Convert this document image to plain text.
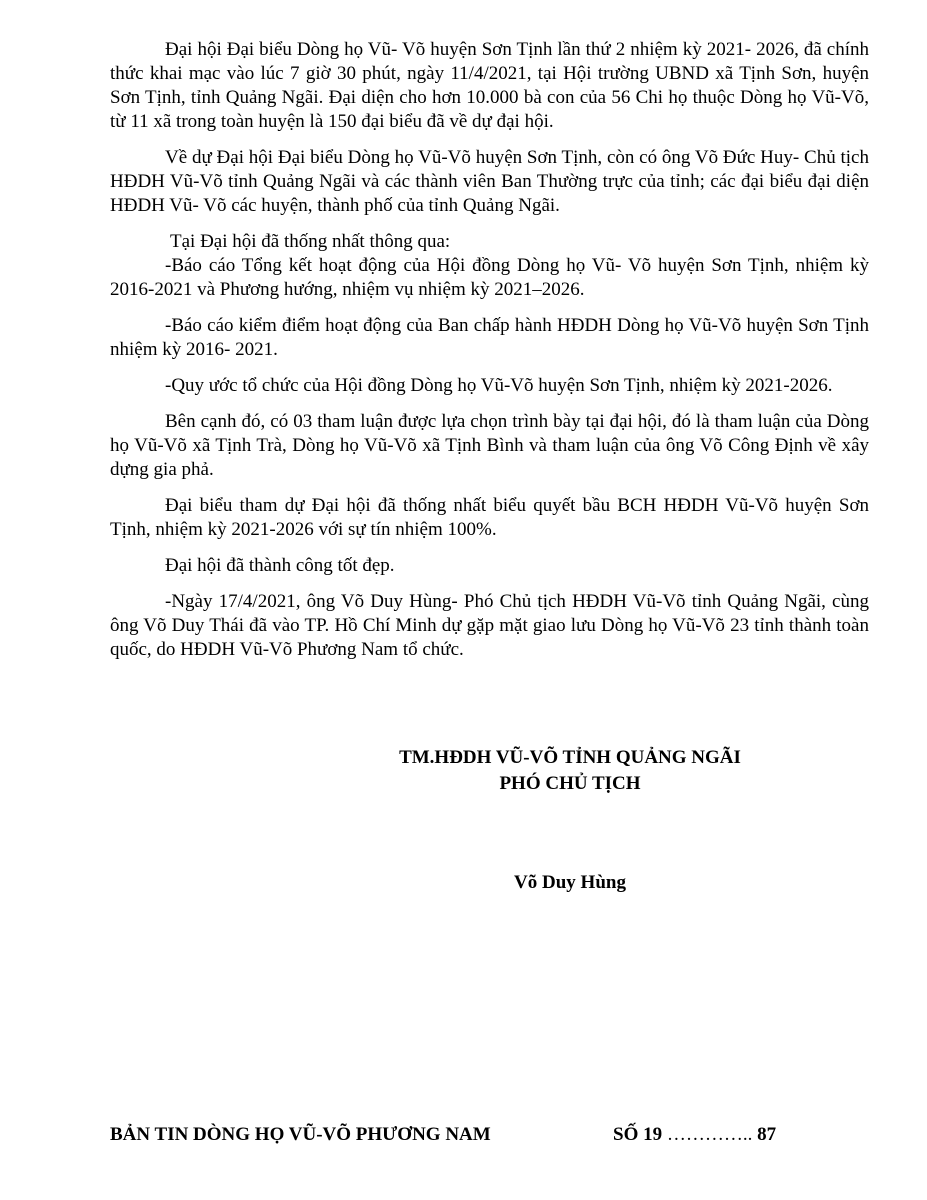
Đại hội Đại biểu Dòng họ Vũ- Võ huyện Sơn Tịnh lần thứ 2 nhiệm kỳ 2021- 2026, đã chính thức khai mạc vào lúc 7 giờ 30 phút, ngày 11/4/2021, tại Hội trường UBND xã Tịnh Sơn, huyện Sơn Tịnh, tỉnh Quảng Ngãi. Đại diện cho hơn 10.000 bà con của 56 Chi họ thuộc Dòng họ Vũ-Võ, từ 11 xã trong toàn huyện là 150 đại biểu đã về dự đại hội.

Về dự Đại hội Đại biểu Dòng họ Vũ-Võ huyện Sơn Tịnh, còn có ông Võ Đức Huy- Chủ tịch HĐDH Vũ-Võ tỉnh Quảng Ngãi và các thành viên Ban Thường trực của tỉnh; các đại biểu đại diện HĐDH Vũ- Võ các huyện, thành phố của tỉnh Quảng Ngãi.

Tại Đại hội đã thống nhất thông qua:

-Báo cáo Tổng kết hoạt động của Hội đồng Dòng họ Vũ- Võ huyện Sơn Tịnh, nhiệm kỳ 2016-2021 và Phương hướng, nhiệm vụ nhiệm kỳ 2021–2026.

-Báo cáo kiểm điểm hoạt động của Ban chấp hành HĐDH Dòng họ Vũ-Võ huyện Sơn Tịnh nhiệm kỳ 2016- 2021.

-Quy ước tổ chức của Hội đồng Dòng họ Vũ-Võ huyện Sơn Tịnh, nhiệm kỳ 2021-2026.

Bên cạnh đó, có 03 tham luận được lựa chọn trình bày tại đại hội, đó là tham luận của Dòng họ Vũ-Võ xã Tịnh Trà, Dòng họ Vũ-Võ xã Tịnh Bình và tham luận của ông Võ Công Định về xây dựng gia phả.

Đại biểu tham dự Đại hội đã thống nhất biểu quyết bầu BCH HĐDH Vũ-Võ huyện Sơn Tịnh, nhiệm kỳ 2021-2026 với sự tín nhiệm 100%.

Đại hội đã thành công tốt đẹp.

-Ngày 17/4/2021, ông Võ Duy Hùng- Phó Chủ tịch HĐDH Vũ-Võ tỉnh Quảng Ngãi, cùng ông Võ Duy Thái đã vào TP. Hồ Chí Minh dự gặp mặt giao lưu Dòng họ Vũ-Võ 23 tỉnh thành toàn quốc, do HĐDH Vũ-Võ Phương Nam tổ chức.

TM.HĐDH VŨ-VÕ TỈNH QUẢNG NGÃI
PHÓ CHỦ TỊCH
Võ Duy Hùng
BẢN TIN DÒNG HỌ VŨ-VÕ PHƯƠNG NAM	SỐ 19 ………….. 87
